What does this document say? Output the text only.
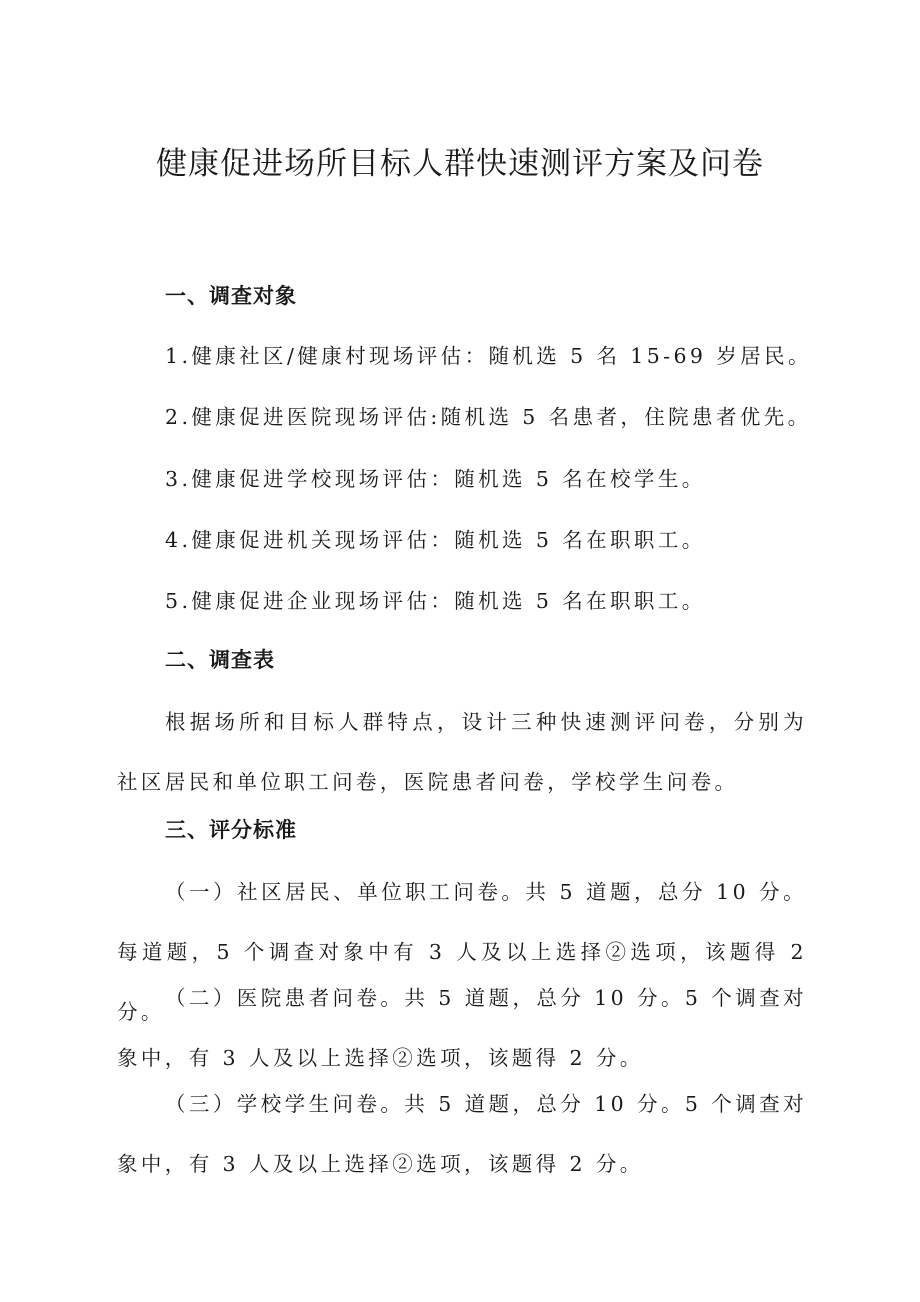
健康促进场所目标人群快速测评方案及问卷
一、调查对象

1.健康社区/健康村现场评估：随机选 5 名 15-69 岁居民。

2.健康促进医院现场评估:随机选 5 名患者，住院患者优先。

3.健康促进学校现场评估：随机选 5 名在校学生。

4.健康促进机关现场评估：随机选 5 名在职职工。

5.健康促进企业现场评估：随机选 5 名在职职工。

二、调查表

根据场所和目标人群特点，设计三种快速测评问卷，分别为社区居民和单位职工问卷，医院患者问卷，学校学生问卷。

三、评分标准

（一）社区居民、单位职工问卷。共 5 道题，总分 10 分。每道题，5 个调查对象中有 3 人及以上选择②选项，该题得 2 分。

（二）医院患者问卷。共 5 道题，总分 10 分。5 个调查对象中，有 3 人及以上选择②选项，该题得 2 分。

（三）学校学生问卷。共 5 道题，总分 10 分。5 个调查对象中，有 3 人及以上选择②选项，该题得 2 分。
